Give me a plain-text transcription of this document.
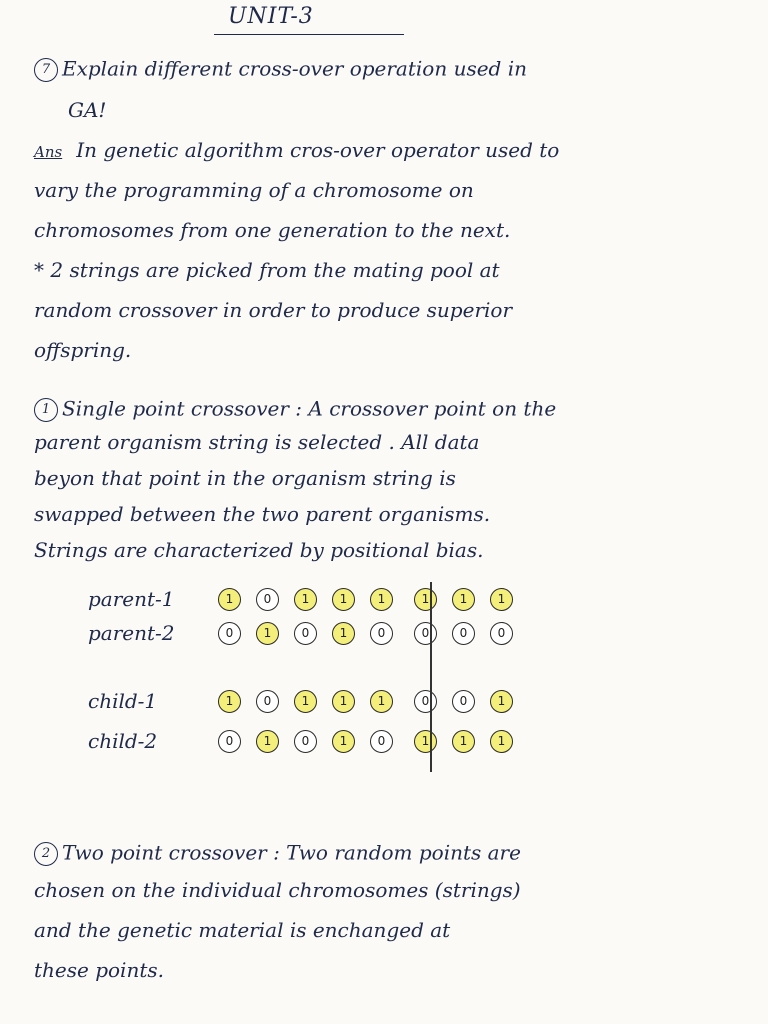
UNIT-3
7 Explain different cross-over operation used in
GA!
Ans In genetic algorithm cros-over operator used to
vary the programming of a chromosome on
chromosomes from one generation to the next.
* 2 strings are picked from the mating pool at
random crossover in order to produce superior
offspring.
1 Single point crossover : A crossover point on the
parent organism string is selected . All data
beyon that point in the organism string is
swapped between the two parent organisms.
Strings are characterized by positional bias.
parent-1	1	0	1	1	1	1	1	1
parent-2	0	1	0	1	0	0	0	0
child-1	1	0	1	1	1	0	0	1
child-2	0	1	0	1	0	1	1	1
2 Two point crossover : Two random points are
chosen on the individual chromosomes (strings)
and the genetic material is enchanged at
these points.
